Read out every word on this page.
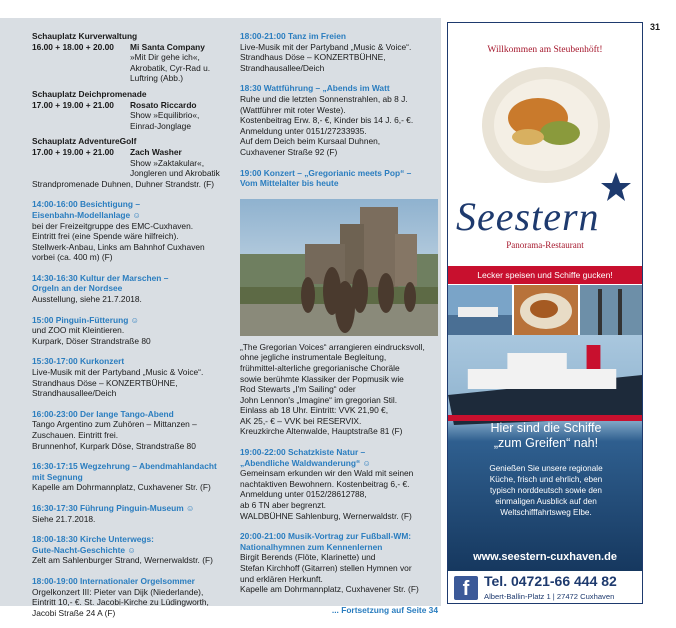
31
Schauplatz Kurverwaltung
16.00 + 18.00 + 20.00	Mi Santa Company
»Mit Dir gehe ich«,
Akrobatik, Cyr-Rad u.
Luftring (Abb.)
Schauplatz Deichpromenade
17.00 + 19.00 + 21.00	Rosato Riccardo
Show »Equilibrio«,
Einrad-Jonglage
Schauplatz AdventureGolf
17.00 + 19.00 + 21.00	Zach Washer
Show »Zaktakular«,
Jongleren und Akrobatik
Strandpromenade Duhnen, Duhner Strandstr. (F)
14:00-16:00 Besichtigung –
Eisenbahn-Modellanlage ☺
bei der Freizeitgruppe des EMC-Cuxhaven.
Eintritt frei (eine Spende wäre hilfreich).
Stellwerk-Anbau, Links am Bahnhof Cuxhaven
vorbei (ca. 400 m) (F)
14:30-16:30 Kultur der Marschen –
Orgeln an der Nordsee
Ausstellung, siehe 21.7.2018.
15:00 Pinguin-Fütterung ☺
und ZOO mit Kleintieren.
Kurpark, Döser Strandstraße 80
15:30-17:00 Kurkonzert
Live-Musik mit der Partyband „Music & Voice“.
Strandhaus Döse – KONZERTBÜHNE,
Strandhausallee/Deich
16:00-23:00 Der lange Tango-Abend
Tango Argentino zum Zuhören – Mittanzen –
Zuschauen. Eintritt frei.
Brunnenhof, Kurpark Döse, Strandstraße 80
16:30-17:15 Wegzehrung – Abendmahlandacht
mit Segnung
Kapelle am Dohrmannplatz, Cuxhavener Str. (F)
16:30-17:30 Führung Pinguin-Museum ☺
Siehe 21.7.2018.
18:00-18:30 Kirche Unterwegs:
Gute-Nacht-Geschichte ☺
Zelt am Sahlenburger Strand, Wernerwaldstr. (F)
18:00-19:00 Internationaler Orgelsommer
Orgelkonzert III: Pieter van Dijk (Niederlande),
Eintritt 10,- €. St. Jacobi-Kirche zu Lüdingworth,
Jacobi Straße 24 A (F)
18:00-21:00 Tanz im Freien
Live-Musik mit der Partyband „Music & Voice“.
Strandhaus Döse – KONZERTBÜHNE,
Strandhausallee/Deich
18:30 Wattführung – „Abends im Watt
Ruhe und die letzten Sonnenstrahlen, ab 8 J.
(Wattführer mit roter Weste).
Kostenbeitrag Erw. 8,- €, Kinder bis 14 J. 6,- €.
Anmeldung unter 0151/27233935.
Auf dem Deich beim Kursaal Duhnen,
Cuxhavener Straße 92 (F)
19:00 Konzert – „Gregorianic meets Pop“ –
Vom Mittelalter bis heute
„The Gregorian Voices“ arrangieren eindrucksvoll,
ohne jegliche instrumentale Begleitung,
frühmittel-alterliche gregorianische Choräle
sowie berühmte Klassiker der Popmusik wie
Rod Stewarts „I'm Sailing“ oder
John Lennon's „Imagine“ im gregorian Stil.
Einlass ab 18 Uhr. Eintritt: VVK 21,90 €,
AK 25,- € – VVK bei RESERVIX.
Kreuzkirche Altenwalde, Hauptstraße 81 (F)
19:00-22:00 Schatzkiste Natur –
„Abendliche Waldwanderung“ ☺
Gemeinsam erkunden wir den Wald mit seinen
nachtaktiven Bewohnern. Kostenbeitrag 6,- €.
Anmeldung unter 0152/28612788,
ab 6 TN aber begrenzt.
WALDBÜHNE Sahlenburg, Wernerwaldstr. (F)
20:00-21:00 Musik-Vortrag zur Fußball-WM:
Nationalhymnen zum Kennenlernen
Birgit Berends (Flöte, Klarinette) und
Stefan Kirchhoff (Gitarren) stellen Hymnen vor
und erklären Herkunft.
Kapelle am Dohrmannplatz, Cuxhavener Str. (F)
... Fortsetzung auf Seite 34
Willkommen am Steubenhöft!
Seestern
Panorama-Restaurant
Lecker speisen und Schiffe gucken!
Hier sind die Schiffe
„zum Greifen“ nah!
Genießen Sie unsere regionale
Küche, frisch und ehrlich, eben
typisch norddeutsch sowie den
einmaligen Ausblick auf den
Weltschifffahrtsweg Elbe.
www.seestern-cuxhaven.de
f	Tel. 04721-66 444 82
Albert-Ballin-Platz 1 | 27472 Cuxhaven
